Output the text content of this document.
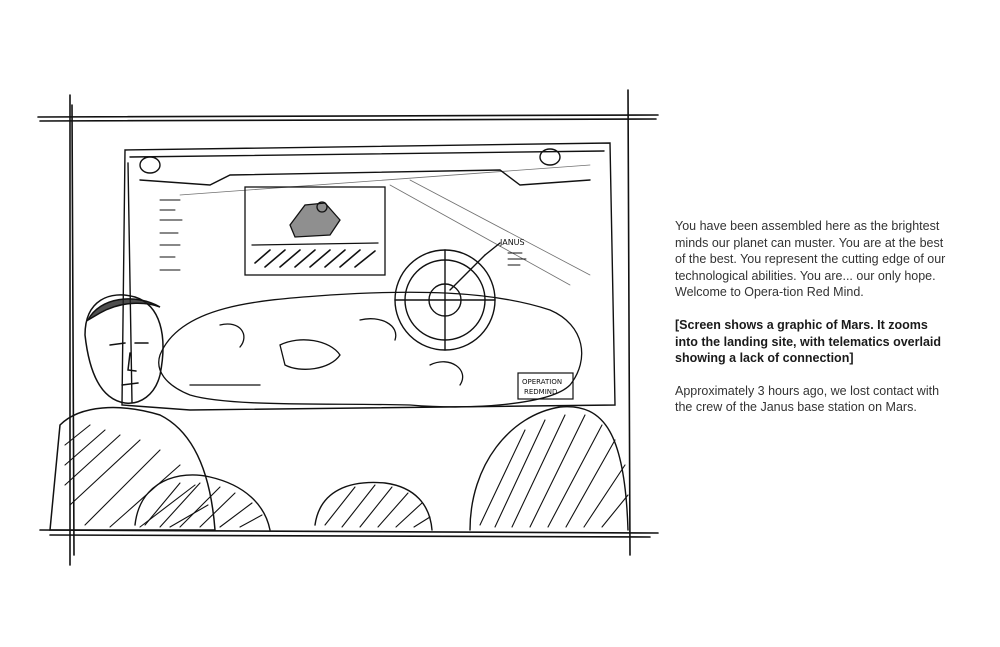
JANUS
OPERATION
REDMIND

You have been assembled here as the brightest minds our planet can muster. You are at the best of the best. You represent the cutting edge of our technological abilities. You are... our only hope. Welcome to Opera-tion Red Mind.

[Screen shows a graphic of Mars. It zooms into the landing site, with telematics overlaid showing a lack of connection]

Approximately 3 hours ago, we lost contact with the crew of the Janus base station on Mars.
